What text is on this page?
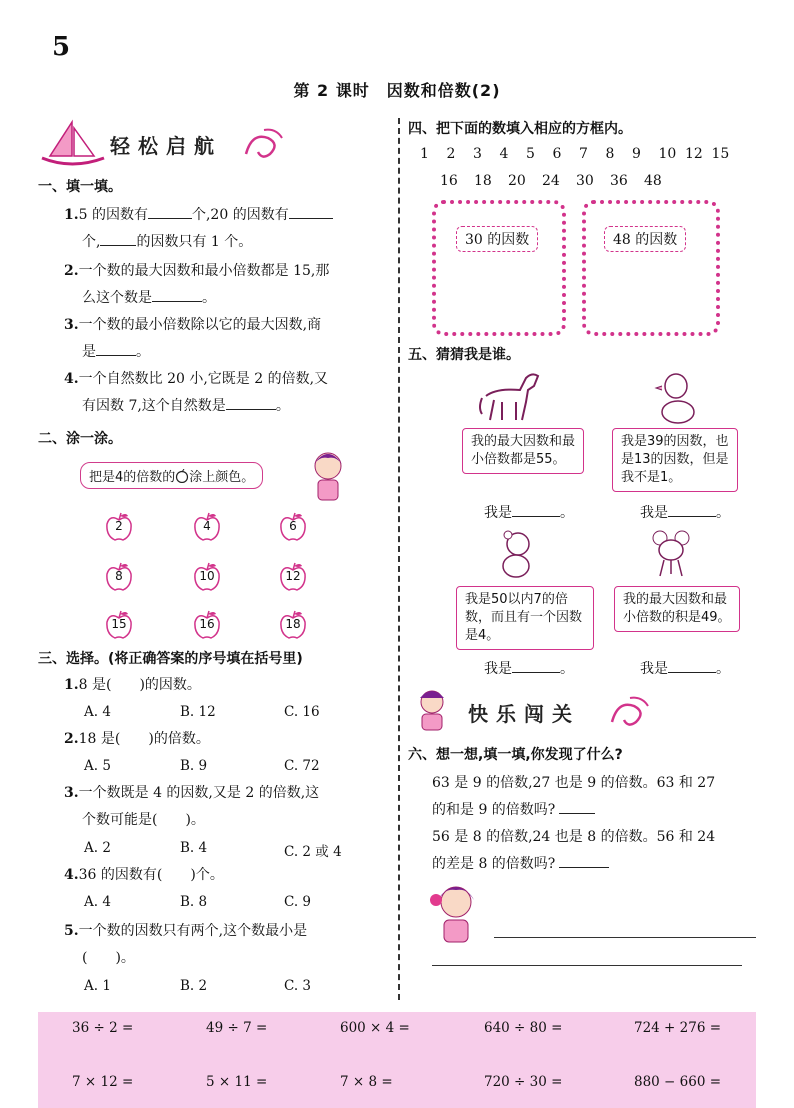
5
第 2 课时　因数和倍数(2)
轻松启航
一、填一填。
1.5 的因数有	个,20 的因数有
个,	的因数只有 1 个。
2.一个数的最大因数和最小倍数都是 15,那
么这个数是	。
3.一个数的最小倍数除以它的最大因数,商
是	。
4.一个自然数比 20 小,它既是 2 的倍数,又
有因数 7,这个自然数是	。
二、涂一涂。
把是4的倍数的 涂上颜色。
2	4	6
8	10	12
15	16	18
三、选择。(将正确答案的序号填在括号里)
1.8 是(　　)的因数。
A. 4	B. 12	C. 16
2.18 是(　　)的倍数。
A. 5	B. 9	C. 72
3.一个数既是 4 的因数,又是 2 的倍数,这
个数可能是(　　)。
A. 2	B. 4	C. 2 或 4
4.36 的因数有(　　)个。
A. 4	B. 8	C. 9
5.一个数的因数只有两个,这个数最小是
(　　)。
A. 1	B. 2	C. 3
四、把下面的数填入相应的方框内。
1 2 3 4 5 6 7 8 9 10 12 15
16 18 20 24 30 36 48
30 的因数	48 的因数
五、猜猜我是谁。
我的最大因数和最小倍数都是55。
我是39的因数，也是13的因数，但是我不是1。
我是	。	我是	。
我是50以内7的倍数，而且有一个因数是4。
我的最大因数和最小倍数的积是49。
我是	。	我是	。
快乐闯关
六、想一想,填一填,你发现了什么?
63 是 9 的倍数,27 也是 9 的倍数。63 和 27
的和是 9 的倍数吗?
56 是 8 的倍数,24 也是 8 的倍数。56 和 24
的差是 8 的倍数吗?
36 ÷ 2 =	49 ÷ 7 =	600 × 4 =	640 ÷ 80 =	724 + 276 =
7 × 12 =	5 × 11 =	7 × 8 =	720 ÷ 30 =	880 − 660 =
